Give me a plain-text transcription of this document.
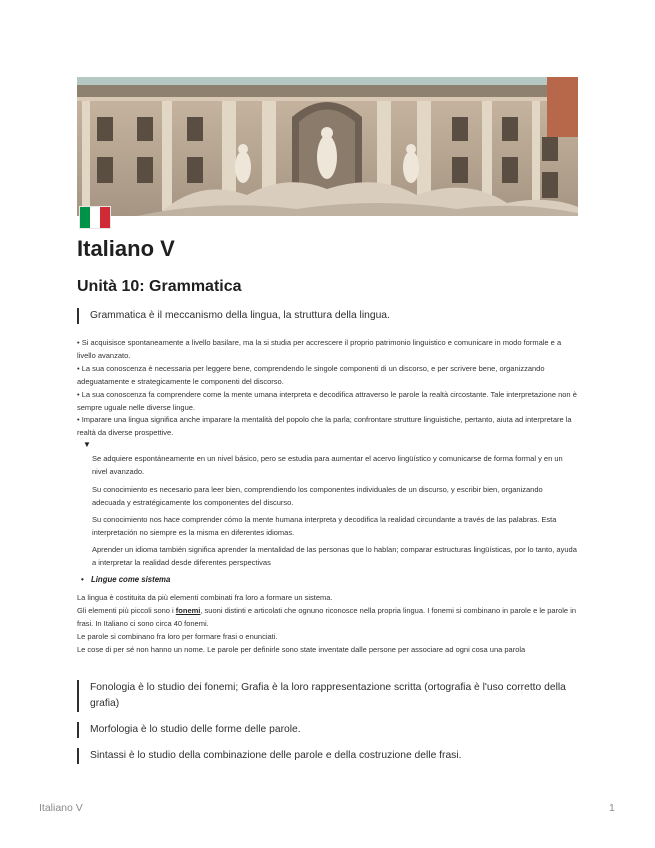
Italiano V
Unità 10: Grammatica
Grammatica è il meccanismo della lingua, la struttura della lingua.
• Si acquisisce spontaneamente a livello basilare, ma la si studia per accrescere il proprio patrimonio linguistico e comunicare in modo formale e a livello avanzato.
• La sua conoscenza è necessaria per leggere bene, comprendendo le singole componenti di un discorso, e per scrivere bene, organizzando adeguatamente e strategicamente le componenti del discorso.
• La sua conoscenza fa comprendere come la mente umana interpreta e decodifica attraverso le parole la realtà circostante. Tale interpretazione non è sempre uguale nelle diverse lingue.
• Imparare una lingua significa anche imparare la mentalità del popolo che la parla; confrontare strutture linguistiche, pertanto, aiuta ad interpretare la realtà da diverse prospettive.
▼
Se adquiere espontáneamente en un nivel básico, pero se estudia para aumentar el acervo lingüístico y comunicarse de forma formal y en un nivel avanzado.
Su conocimiento es necesario para leer bien, comprendiendo los componentes individuales de un discurso, y escribir bien, organizando adecuada y estratégicamente los componentes del discurso.
Su conocimiento nos hace comprender cómo la mente humana interpreta y decodifica la realidad circundante a través de las palabras. Esta interpretación no siempre es la misma en diferentes idiomas.
Aprender un idioma también significa aprender la mentalidad de las personas que lo hablan; comparar estructuras lingüísticas, por lo tanto, ayuda a interpretar la realidad desde diferentes perspectivas
• Lingue come sistema
La lingua è costituita da più elementi combinati fra loro a formare un sistema.
Gli elementi più piccoli sono i fonemi, suoni distinti e articolati che ognuno riconosce nella propria lingua. I fonemi si combinano in parole e le parole in frasi. In Italiano ci sono circa 40 fonemi.
Le parole si combinano fra loro per formare frasi o enunciati.
Le cose di per sé non hanno un nome. Le parole per definirle sono state inventate dalle persone per associare ad ogni cosa una parola
Fonologia è lo studio dei fonemi; Grafia è la loro rappresentazione scritta (ortografia è l'uso corretto della grafia)
Morfologia è lo studio delle forme delle parole.
Sintassi è lo studio della combinazione delle parole e della costruzione delle frasi.
Italiano V	1
